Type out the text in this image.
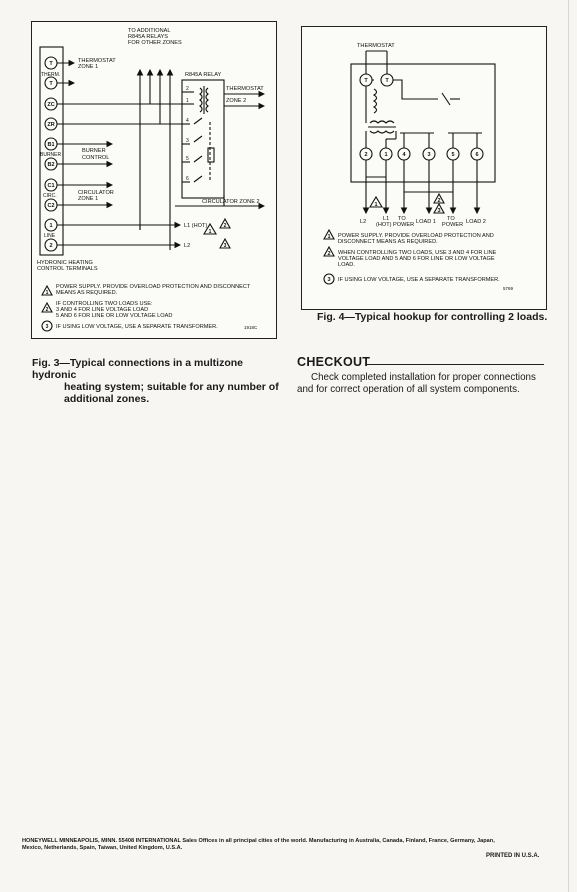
TO ADDITIONAL
R845A RELAYS
FOR OTHER ZONES
R845A RELAY
THERMOSTAT
ZONE 1
THERMOSTAT
ZONE 2
BURNER
CONTROL
CIRCULATOR
ZONE 1	CIRCULATOR ZONE 2
L1 (HOT)
L2
THERM.
BURNER
CIRC.
LINE
HYDRONIC HEATING
CONTROL TERMINALS
T
T
ZC
ZR
B1
B2
C1
C2
1
2
2
1
4
3
5
6
1
2
3
1
2
3
POWER SUPPLY. PROVIDE OVERLOAD PROTECTION AND DISCONNECT
MEANS AS REQUIRED.
IF CONTROLLING TWO LOADS USE:
3 AND 4 FOR LINE VOLTAGE LOAD
5 AND 6 FOR LINE OR LOW VOLTAGE LOAD
IF USING LOW VOLTAGE, USE A SEPARATE TRANSFORMER.	1918C
Fig. 3—Typical connections in a multizone hydronic
heating system; suitable for any number of
additional zones.
THERMOSTAT
T	T
2	1	4	3	5	6
1
2
3
1
2
3
L2	L1
(HOT)
TO
POWER LOAD 1 TO
POWER LOAD 2
POWER SUPPLY. PROVIDE OVERLOAD PROTECTION AND
DISCONNECT MEANS AS REQUIRED.
WHEN CONTROLLING TWO LOADS, USE 3 AND 4 FOR LINE
VOLTAGE LOAD AND 5 AND 6 FOR LINE OR LOW VOLTAGE
LOAD.
IF USING LOW VOLTAGE, USE A SEPARATE TRANSFORMER.
5769
Fig. 4—Typical hookup for controlling 2 loads.
CHECKOUT
Check completed installation for proper connections
and for correct operation of all system components.
HONEYWELL MINNEAPOLIS, MINN. 55408 INTERNATIONAL Sales Offices in all principal cities of the world. Manufacturing in Australia, Canada, Finland, France, Germany, Japan,
Mexico, Netherlands, Spain, Taiwan, United Kingdom, U.S.A.
PRINTED IN U.S.A.
